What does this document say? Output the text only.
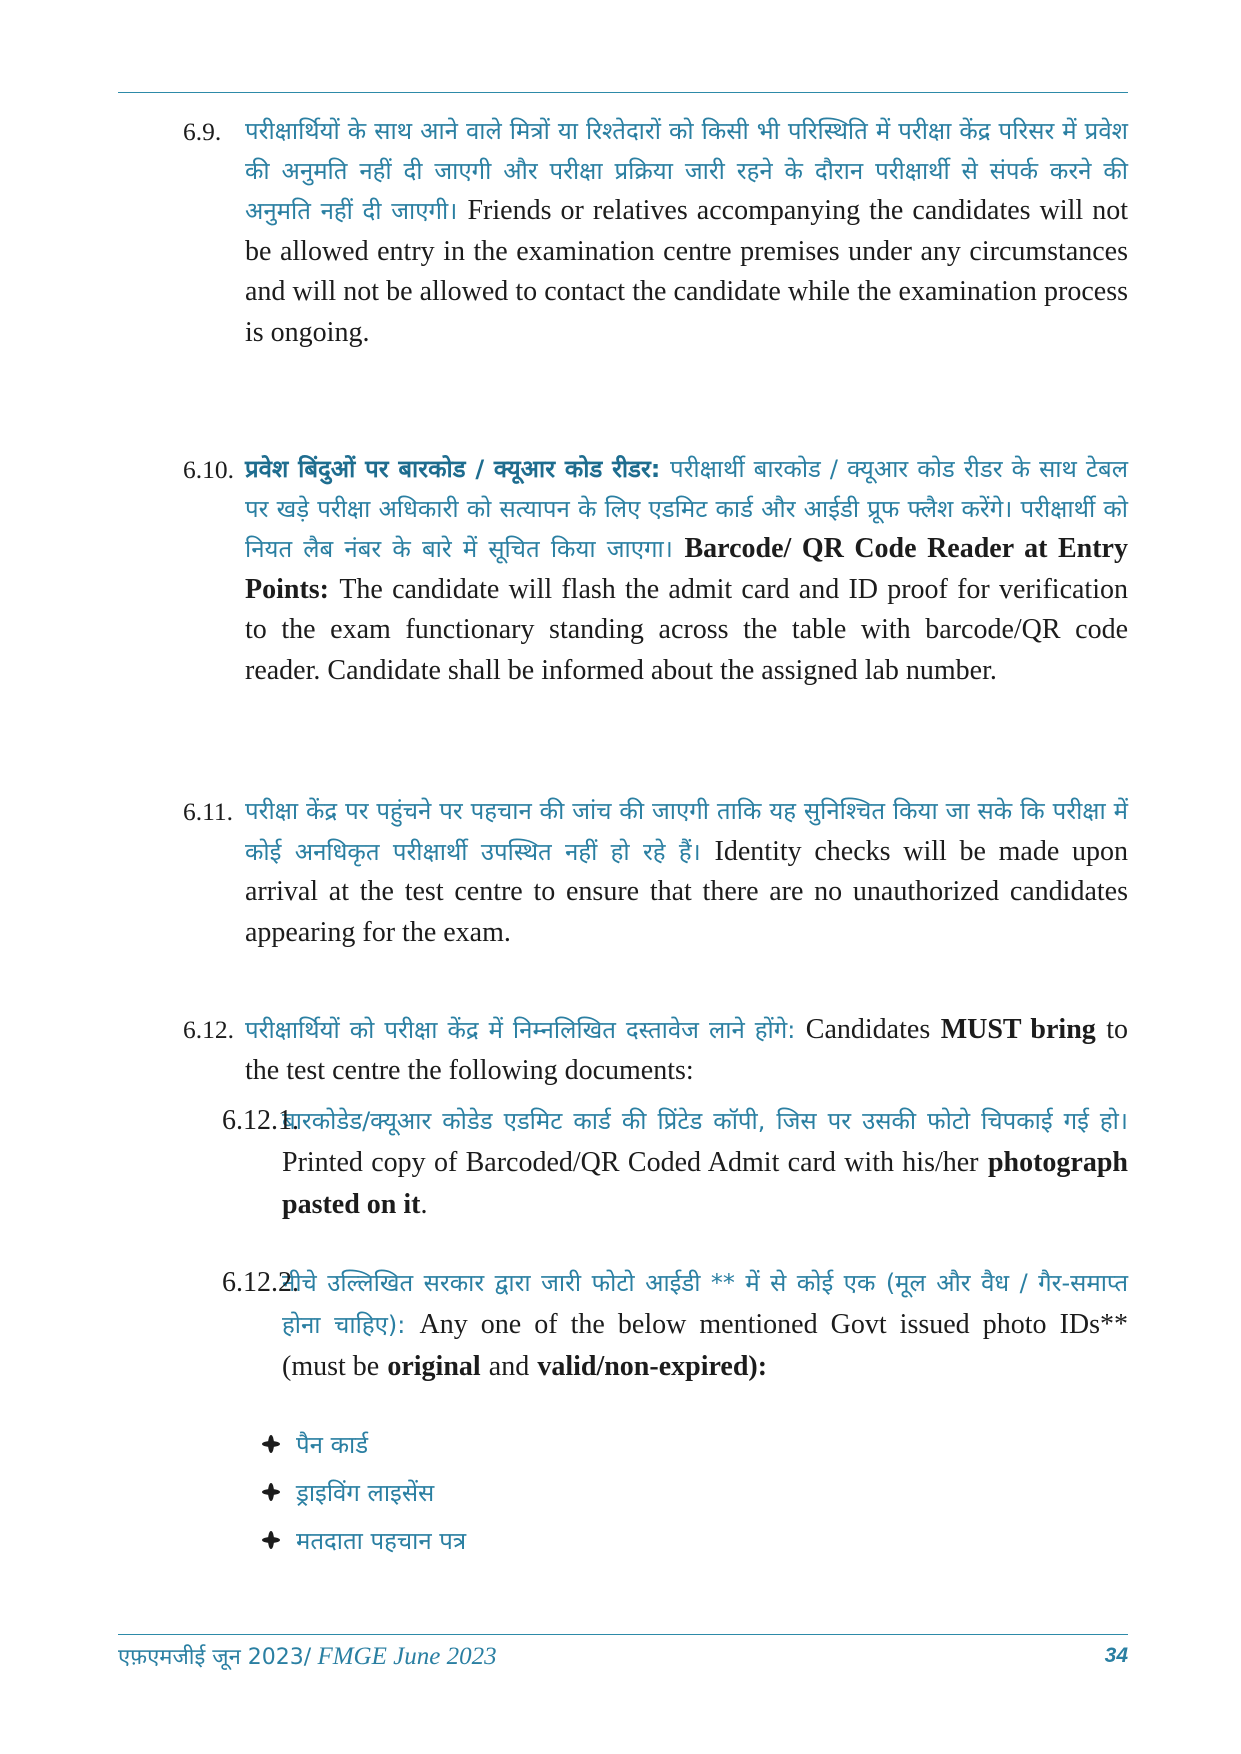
6.9. परीक्षार्थियों के साथ आने वाले मित्रों या रिश्तेदारों को किसी भी परिस्थिति में परीक्षा केंद्र परिसर में प्रवेश की अनुमति नहीं दी जाएगी और परीक्षा प्रक्रिया जारी रहने के दौरान परीक्षार्थी से संपर्क करने की अनुमति नहीं दी जाएगी। Friends or relatives accompanying the candidates will not be allowed entry in the examination centre premises under any circumstances and will not be allowed to contact the candidate while the examination process is ongoing.
6.10. प्रवेश बिंदुओं पर बारकोड / क्यूआर कोड रीडर: परीक्षार्थी बारकोड / क्यूआर कोड रीडर के साथ टेबल पर खड़े परीक्षा अधिकारी को सत्यापन के लिए एडमिट कार्ड और आईडी प्रूफ फ्लैश करेंगे। परीक्षार्थी को नियत लैब नंबर के बारे में सूचित किया जाएगा। Barcode/ QR Code Reader at Entry Points: The candidate will flash the admit card and ID proof for verification to the exam functionary standing across the table with barcode/QR code reader. Candidate shall be informed about the assigned lab number.
6.11. परीक्षा केंद्र पर पहुंचने पर पहचान की जांच की जाएगी ताकि यह सुनिश्चित किया जा सके कि परीक्षा में कोई अनधिकृत परीक्षार्थी उपस्थित नहीं हो रहे हैं। Identity checks will be made upon arrival at the test centre to ensure that there are no unauthorized candidates appearing for the exam.
6.12. परीक्षार्थियों को परीक्षा केंद्र में निम्नलिखित दस्तावेज लाने होंगे: Candidates MUST bring to the test centre the following documents:
6.12.1.
बारकोडेड/क्यूआर कोडेड एडमिट कार्ड की प्रिंटेड कॉपी, जिस पर उसकी फोटो चिपकाई गई हो। Printed copy of Barcoded/QR Coded Admit card with his/her photograph pasted on it.
6.12.2.
नीचे उल्लिखित सरकार द्वारा जारी फोटो आईडी ** में से कोई एक (मूल और वैध / गैर-समाप्त होना चाहिए): Any one of the below mentioned Govt issued photo IDs** (must be original and valid/non-expired):
पैन कार्ड
ड्राइविंग लाइसेंस
मतदाता पहचान पत्र
एफ़एमजीई जून 2023/ FMGE June 2023	34
